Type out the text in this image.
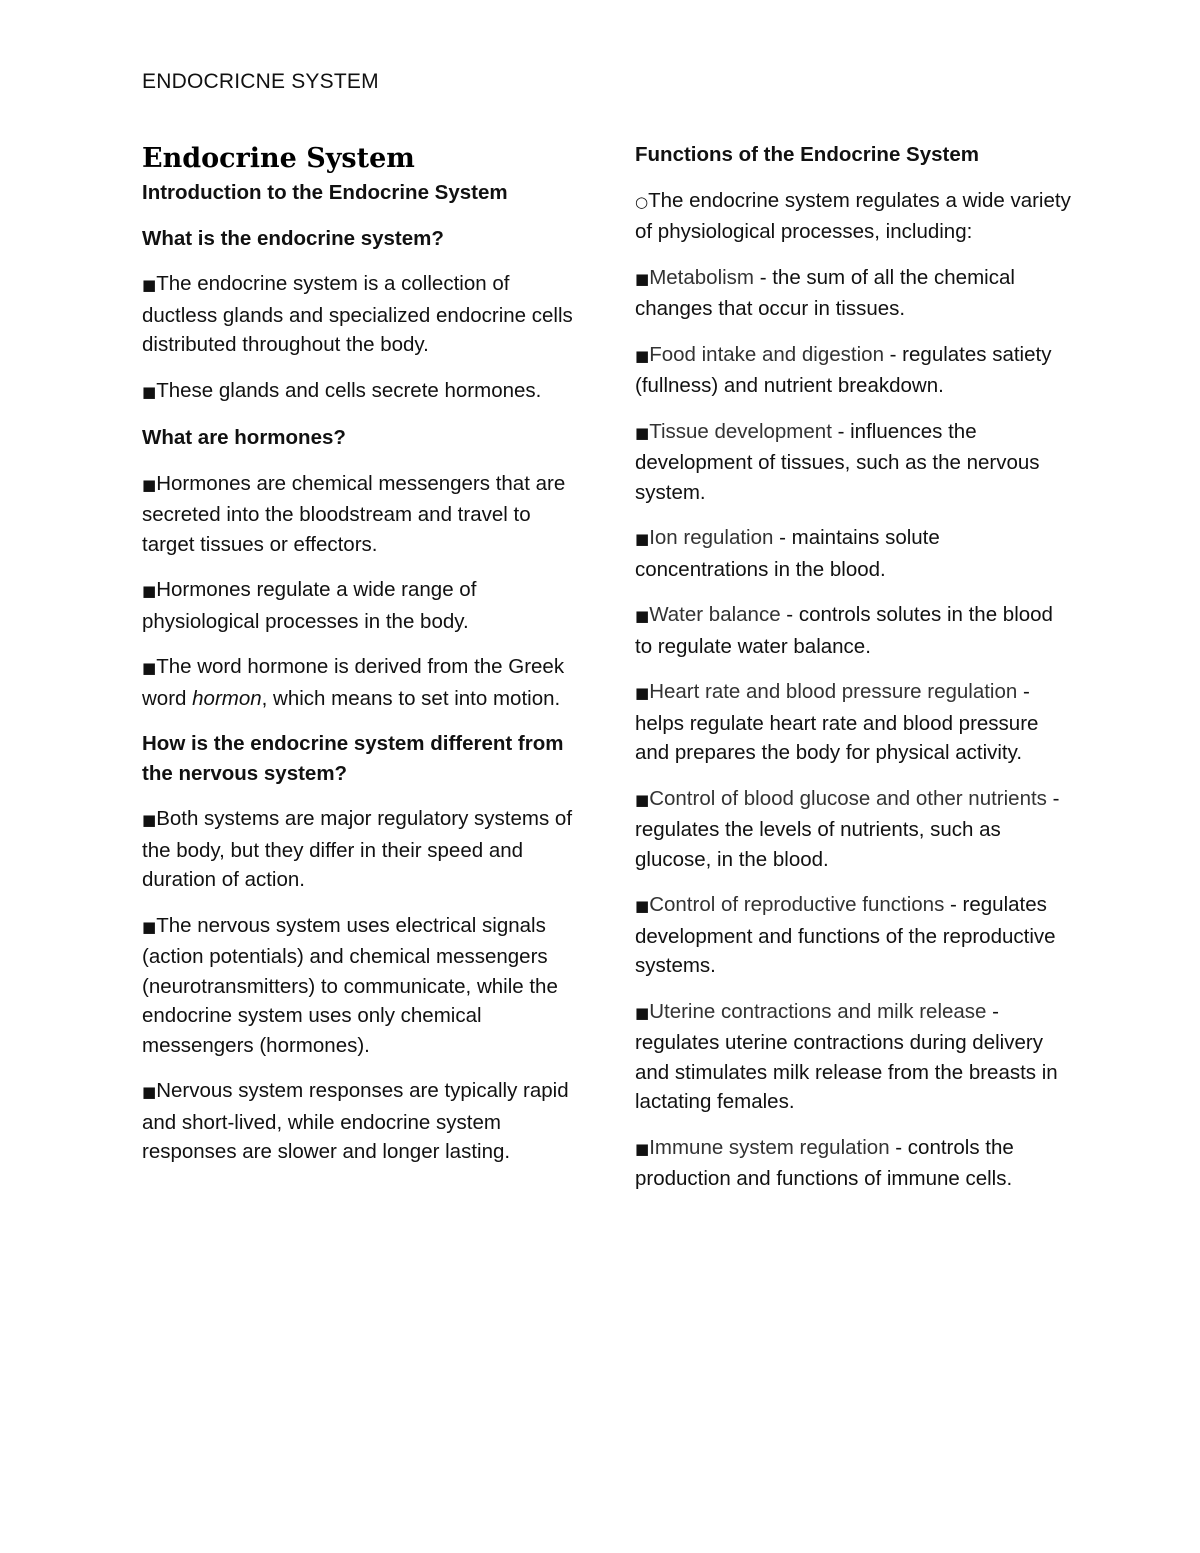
ENDOCRICNE SYSTEM
Endocrine System

Introduction to the Endocrine System

What is the endocrine system?

■The endocrine system is a collection of ductless glands and specialized endocrine cells distributed throughout the body.

■These glands and cells secrete hormones.

What are hormones?

■Hormones are chemical messengers that are secreted into the bloodstream and travel to target tissues or effectors.

■Hormones regulate a wide range of physiological processes in the body.

■The word hormone is derived from the Greek word hormon, which means to set into motion.

How is the endocrine system different from the nervous system?

■Both systems are major regulatory systems of the body, but they differ in their speed and duration of action.

■The nervous system uses electrical signals (action potentials) and chemical messengers (neurotransmitters) to communicate, while the endocrine system uses only chemical messengers (hormones).

■Nervous system responses are typically rapid and short-lived, while endocrine system responses are slower and longer lasting.

Functions of the Endocrine System

○The endocrine system regulates a wide variety of physiological processes, including:

■Metabolism - the sum of all the chemical changes that occur in tissues.

■Food intake and digestion - regulates satiety (fullness) and nutrient breakdown.

■Tissue development - influences the development of tissues, such as the nervous system.

■Ion regulation - maintains solute concentrations in the blood.

■Water balance - controls solutes in the blood to regulate water balance.

■Heart rate and blood pressure regulation - helps regulate heart rate and blood pressure and prepares the body for physical activity.

■Control of blood glucose and other nutrients - regulates the levels of nutrients, such as glucose, in the blood.

■Control of reproductive functions - regulates development and functions of the reproductive systems.

■Uterine contractions and milk release - regulates uterine contractions during delivery and stimulates milk release from the breasts in lactating females.

■Immune system regulation - controls the production and functions of immune cells.
